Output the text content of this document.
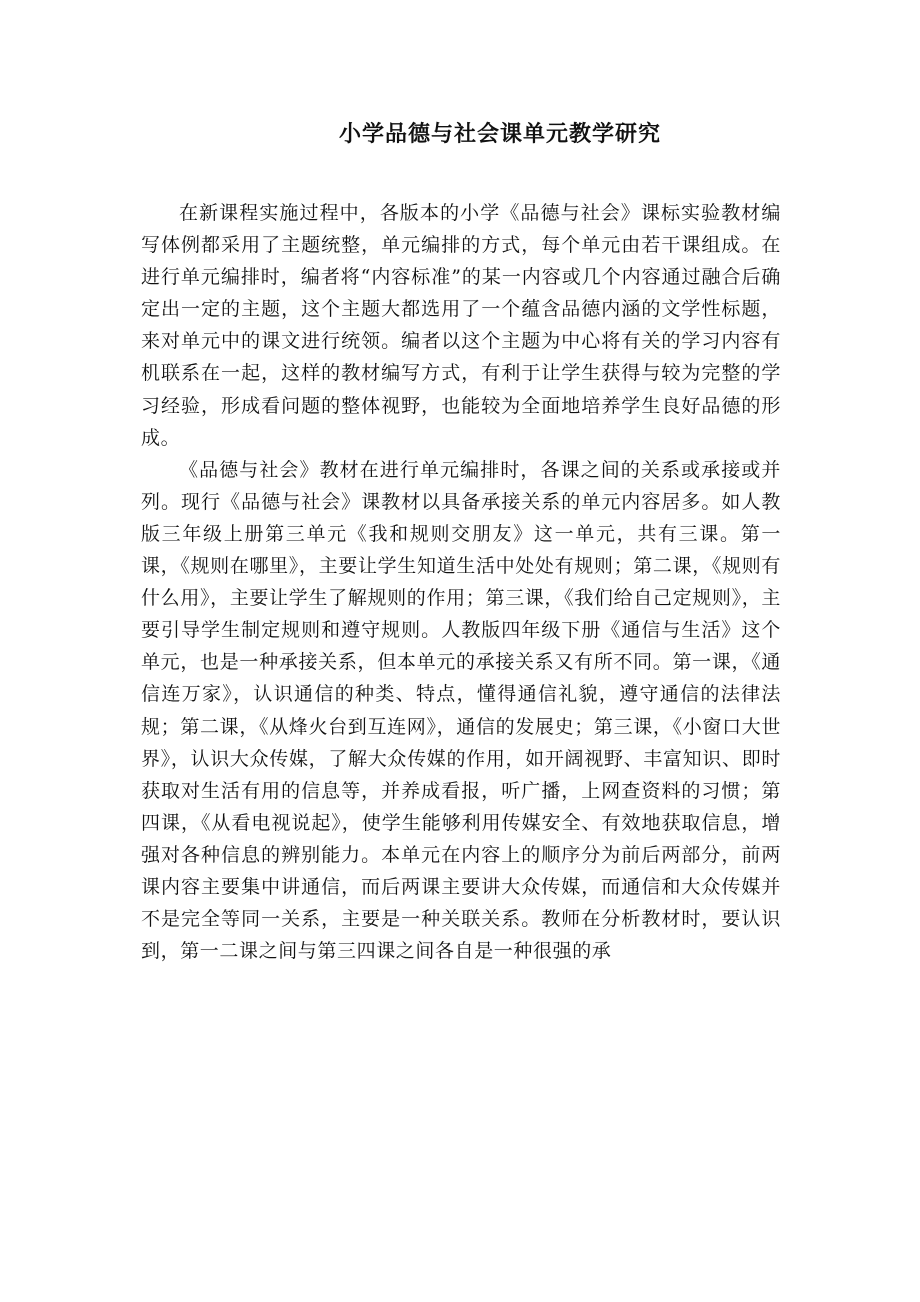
小学品德与社会课单元教学研究

在新课程实施过程中，各版本的小学《品德与社会》课标实验教材编写体例都采用了主题统整，单元编排的方式，每个单元由若干课组成。在进行单元编排时，编者将“内容标准”的某一内容或几个内容通过融合后确定出一定的主题，这个主题大都选用了一个蕴含品德内涵的文学性标题，来对单元中的课文进行统领。编者以这个主题为中心将有关的学习内容有机联系在一起，这样的教材编写方式，有利于让学生获得与较为完整的学习经验，形成看问题的整体视野，也能较为全面地培养学生良好品德的形成。

《品德与社会》教材在进行单元编排时，各课之间的关系或承接或并列。现行《品德与社会》课教材以具备承接关系的单元内容居多。如人教版三年级上册第三单元《我和规则交朋友》这一单元，共有三课。第一课，《规则在哪里》，主要让学生知道生活中处处有规则；第二课，《规则有什么用》，主要让学生了解规则的作用；第三课，《我们给自己定规则》，主要引导学生制定规则和遵守规则。人教版四年级下册《通信与生活》这个单元，也是一种承接关系，但本单元的承接关系又有所不同。第一课，《通信连万家》，认识通信的种类、特点，懂得通信礼貌，遵守通信的法律法规；第二课，《从烽火台到互连网》，通信的发展史；第三课，《小窗口大世界》，认识大众传媒，了解大众传媒的作用，如开阔视野、丰富知识、即时获取对生活有用的信息等，并养成看报，听广播，上网查资料的习惯；第四课，《从看电视说起》，使学生能够利用传媒安全、有效地获取信息，增强对各种信息的辨别能力。本单元在内容上的顺序分为前后两部分，前两课内容主要集中讲通信，而后两课主要讲大众传媒，而通信和大众传媒并不是完全等同一关系，主要是一种关联关系。教师在分析教材时，要认识到，第一二课之间与第三四课之间各自是一种很强的承
